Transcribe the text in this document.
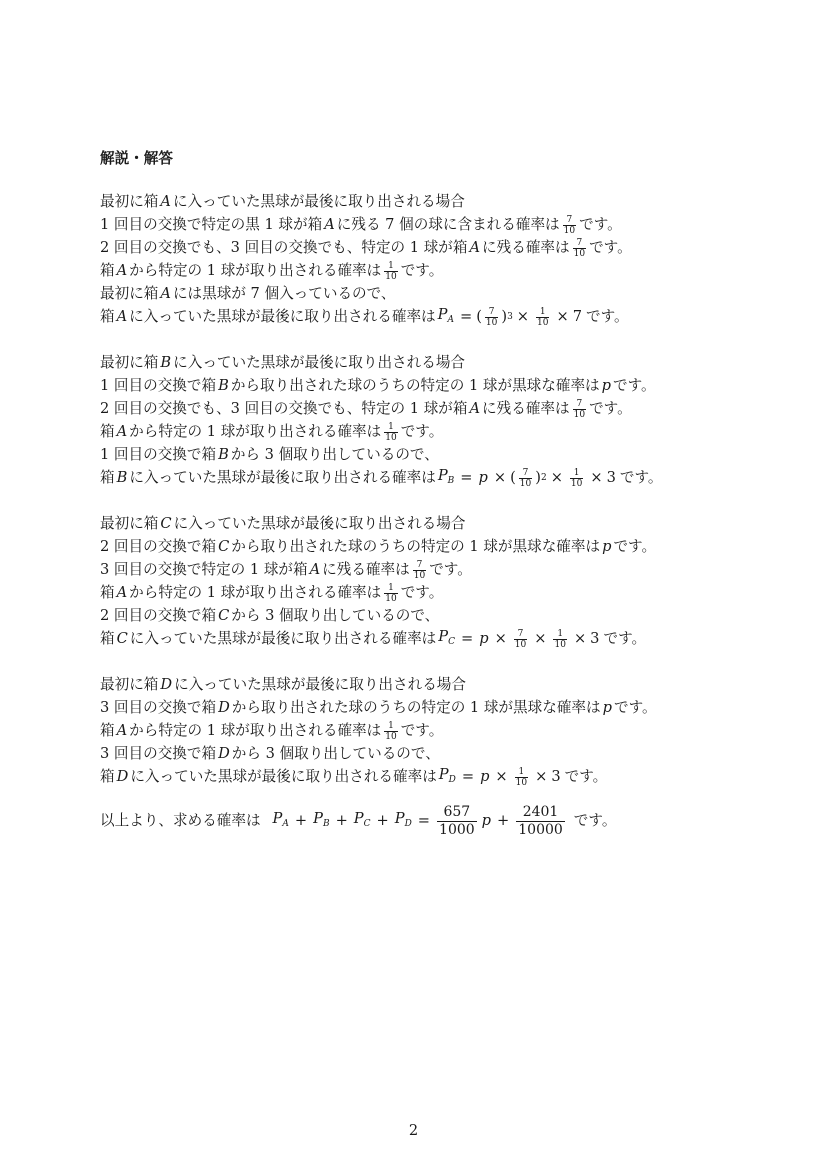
解説・解答
最初に箱 A に入っていた黒球が最後に取り出される場合
1 回目の交換で特定の黒 1 球が箱 A に残る 7 個の球に含まれる確率は $\frac{7}{10}$ です。
2 回目の交換でも、3 回目の交換でも、特定の 1 球が箱 A に残る確率は $\frac{7}{10}$ です。
箱 A から特定の 1 球が取り出される確率は $\frac{1}{10}$ です。
最初に箱 A には黒球が 7 個入っているので、
箱 A に入っていた黒球が最後に取り出される確率は $P_A$ = ( $\frac{7}{10}$ ) $3 \times \frac{1}{10} \times 7$ です。
最初に箱 B に入っていた黒球が最後に取り出される場合
1 回目の交換で箱 B から取り出された球のうちの特定の 1 球が黒球な確率は p です。
2 回目の交換でも、3 回目の交換でも、特定の 1 球が箱 A に残る確率は $\frac{7}{10}$ です。
箱 A から特定の 1 球が取り出される確率は $\frac{1}{10}$ です。
1 回目の交換で箱 B から 3 個取り出しているので、
箱 B に入っていた黒球が最後に取り出される確率は $P_B = p$ × ( $\frac{7}{10}$ ) $2 \times \frac{1}{10} \times 3$ です。
最初に箱 C に入っていた黒球が最後に取り出される場合
2 回目の交換で箱 C から取り出された球のうちの特定の 1 球が黒球な確率は p です。
3 回目の交換で特定の 1 球が箱 A に残る確率は $\frac{7}{10}$ です。
箱 A から特定の 1 球が取り出される確率は $\frac{1}{10}$ です。
2 回目の交換で箱 C から 3 個取り出しているので、
箱 C に入っていた黒球が最後に取り出される確率は $P_C = p \times \frac{7}{10} \times \frac{1}{10} \times 3$ です。
最初に箱 D に入っていた黒球が最後に取り出される場合
3 回目の交換で箱 D から取り出された球のうちの特定の 1 球が黒球な確率は p です。
箱 A から特定の 1 球が取り出される確率は $\frac{1}{10}$ です。
3 回目の交換で箱 D から 3 個取り出しているので、
箱 D に入っていた黒球が最後に取り出される確率は $P_D = p \times \frac{1}{10} \times 3$ です。
以上より、求める確率は $P_A + P_B + P_C + P_D = \frac{657}{1000}$ $p + \frac{2401}{10000}$ です。
2
